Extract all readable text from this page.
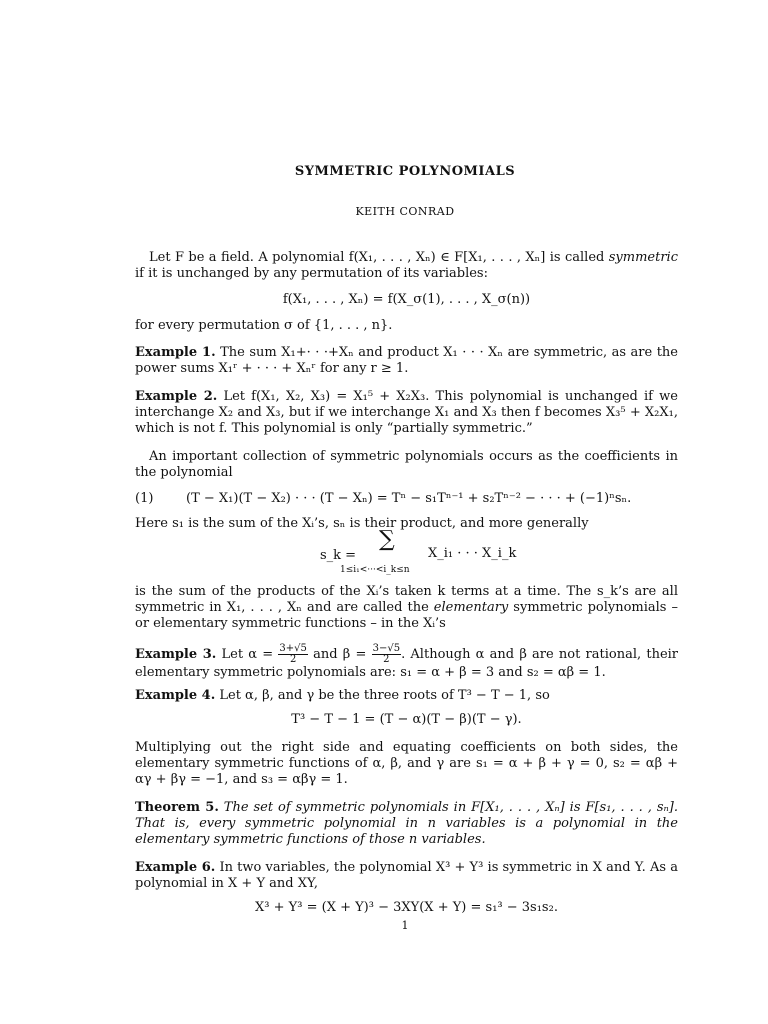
SYMMETRIC POLYNOMIALS
KEITH CONRAD
Let F be a field. A polynomial f(X₁, . . . , Xₙ) ∈ F[X₁, . . . , Xₙ] is called symmetric if it is unchanged by any permutation of its variables:
f(X₁, . . . , Xₙ) = f(X_σ(1), . . . , X_σ(n))
for every permutation σ of {1, . . . , n}.
Example 1. The sum X₁+· · ·+Xₙ and product X₁ · · · Xₙ are symmetric, as are the power sums X₁ʳ + · · · + Xₙʳ for any r ≥ 1.
Example 2. Let f(X₁, X₂, X₃) = X₁⁵ + X₂X₃. This polynomial is unchanged if we interchange X₂ and X₃, but if we interchange X₁ and X₃ then f becomes X₃⁵ + X₂X₁, which is not f. This polynomial is only “partially symmetric.”
An important collection of symmetric polynomials occurs as the coefficients in the polynomial
(1)	(T − X₁)(T − X₂) · · · (T − Xₙ) = Tⁿ − s₁Tⁿ⁻¹ + s₂Tⁿ⁻² − · · · + (−1)ⁿsₙ.
Here s₁ is the sum of the Xᵢ’s, sₙ is their product, and more generally
s_k =
∑
1≤i₁<···<i_k≤n
X_i₁ · · · X_i_k
is the sum of the products of the Xᵢ’s taken k terms at a time. The s_k’s are all symmetric in X₁, . . . , Xₙ and are called the elementary symmetric polynomials – or elementary symmetric functions – in the Xᵢ’s
Example 3. Let $\alpha = \frac{3+√5}{2}$ and $\beta = \frac{3-√5}{2}$ . Although α and β are not rational, their elementary symmetric polynomials are: s₁ = α + β = 3 and s₂ = αβ = 1.
Example 4. Let α, β, and γ be the three roots of T³ − T − 1, so
T³ − T − 1 = (T − α)(T − β)(T − γ).
Multiplying out the right side and equating coefficients on both sides, the elementary symmetric functions of α, β, and γ are s₁ = α + β + γ = 0, s₂ = αβ + αγ + βγ = −1, and s₃ = αβγ = 1.
Theorem 5. The set of symmetric polynomials in F[X₁, . . . , Xₙ] is F[s₁, . . . , sₙ]. That is, every symmetric polynomial in n variables is a polynomial in the elementary symmetric functions of those n variables.
Example 6. In two variables, the polynomial X³ + Y³ is symmetric in X and Y. As a polynomial in X + Y and XY,
X³ + Y³ = (X + Y)³ − 3XY(X + Y) = s₁³ − 3s₁s₂.
1
